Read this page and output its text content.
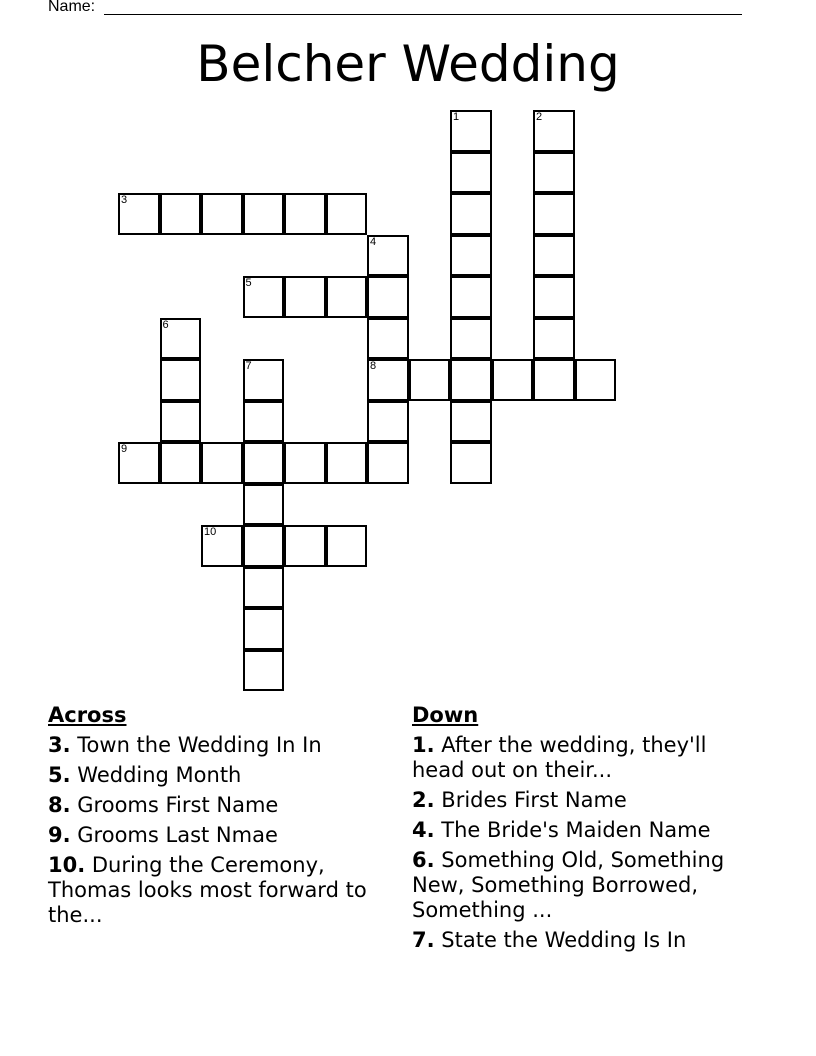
Name:
Belcher Wedding
1	2
3
4
8
5
6
7
9
10
Across
3. Town the Wedding In In
5. Wedding Month
8. Grooms First Name
9. Grooms Last Nmae
10. During the Ceremony, Thomas looks most forward to the...
Down
1. After the wedding, they'll head out on their...
2. Brides First Name
4. The Bride's Maiden Name
6. Something Old, Something New, Something Borrowed, Something ...
7. State the Wedding Is In
